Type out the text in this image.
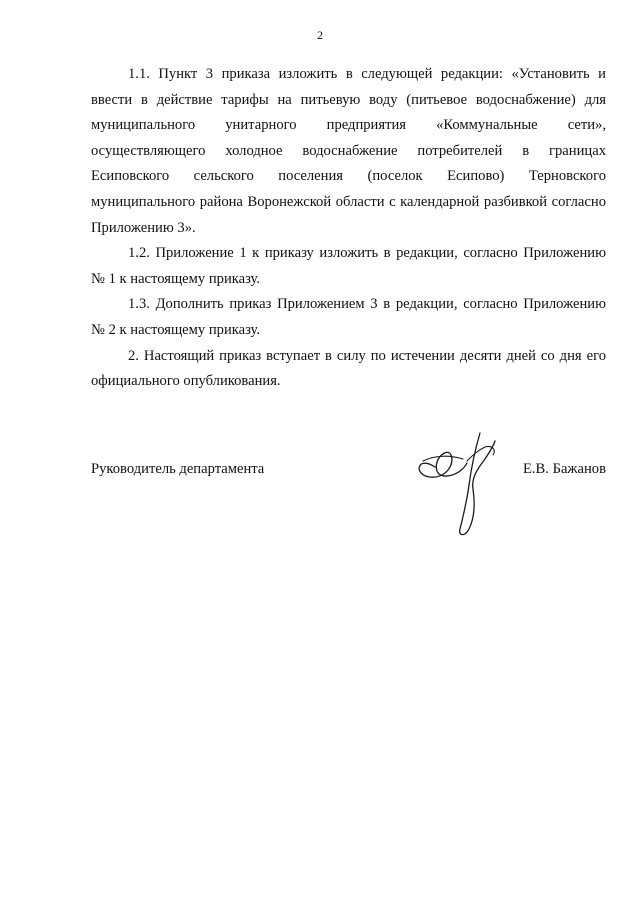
2

1.1. Пункт 3 приказа изложить в следующей редакции: «Установить и ввести в действие тарифы на питьевую воду (питьевое водоснабжение) для муниципального унитарного предприятия «Коммунальные сети», осуществляющего холодное водоснабжение потребителей в границах Есиповского сельского поселения (поселок Есипово) Терновского муниципального района Воронежской области с календарной разбивкой согласно Приложению 3».

1.2. Приложение 1 к приказу изложить в редакции, согласно Приложению № 1 к настоящему приказу.

1.3. Дополнить приказ Приложением 3 в редакции, согласно Приложению № 2 к настоящему приказу.

2. Настоящий приказ вступает в силу по истечении десяти дней со дня его официального опубликования.

Руководитель департамента	Е.В. Бажанов
